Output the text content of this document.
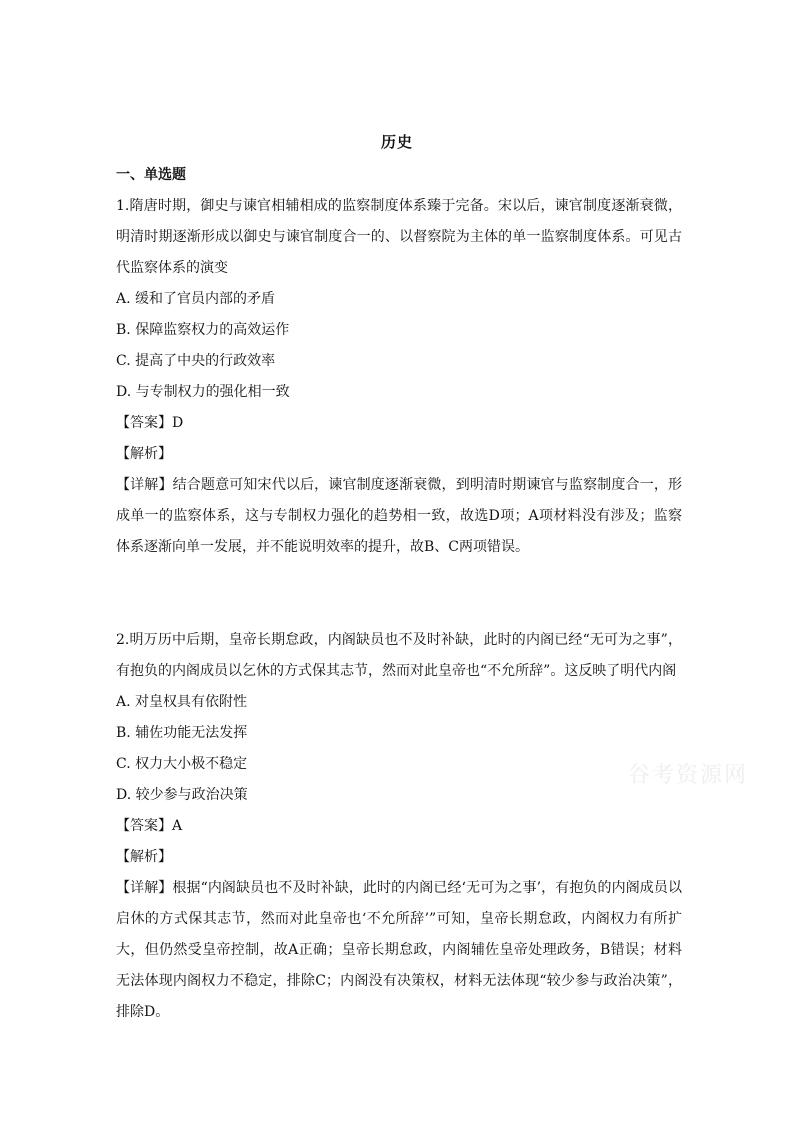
历史
一、单选题

1.隋唐时期，御史与谏官相辅相成的监察制度体系臻于完备。宋以后，谏官制度逐渐衰微，明清时期逐渐形成以御史与谏官制度合一的、以督察院为主体的单一监察制度体系。可见古代监察体系的演变

A. 缓和了官员内部的矛盾

B. 保障监察权力的高效运作

C. 提高了中央的行政效率

D. 与专制权力的强化相一致

【答案】D

【解析】

【详解】结合题意可知宋代以后，谏官制度逐渐衰微，到明清时期谏官与监察制度合一，形成单一的监察体系，这与专制权力强化的趋势相一致，故选D项；A项材料没有涉及；监察体系逐渐向单一发展，并不能说明效率的提升，故B、C两项错误。

2.明万历中后期，皇帝长期怠政，内阁缺员也不及时补缺，此时的内阁已经“无可为之事”，有抱负的内阁成员以乞休的方式保其志节，然而对此皇帝也“不允所辞”。这反映了明代内阁

A. 对皇权具有依附性

B. 辅佐功能无法发挥

C. 权力大小极不稳定

D. 较少参与政治决策

【答案】A

【解析】

【详解】根据“内阁缺员也不及时补缺，此时的内阁已经‘无可为之事’，有抱负的内阁成员以启休的方式保其志节，然而对此皇帝也‘不允所辞’”可知，皇帝长期怠政，内阁权力有所扩大，但仍然受皇帝控制，故A正确；皇帝长期怠政，内阁辅佐皇帝处理政务，B错误；材料无法体现内阁权力不稳定，排除C；内阁没有决策权，材料无法体现“较少参与政治决策”，排除D。

谷考资源网
